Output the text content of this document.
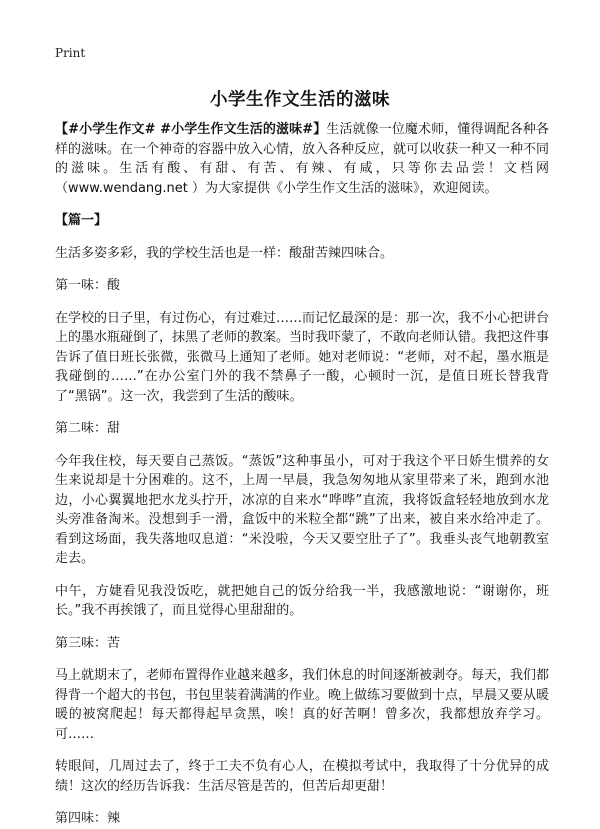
Print
小学生作文生活的滋味

【#小学生作文# #小学生作文生活的滋味#】生活就像一位魔术师，懂得调配各种各样的滋味。在一个神奇的容器中放入心情，放入各种反应，就可以收获一种又一种不同的滋味。生活有酸、有甜、有苦、有辣、有咸，只等你去品尝！文档网（www.wendang.net ）为大家提供《小学生作文生活的滋味》，欢迎阅读。

【篇一】

生活多姿多彩，我的学校生活也是一样：酸甜苦辣四味合。

第一味：酸

在学校的日子里，有过伤心，有过难过……而记忆最深的是：那一次，我不小心把讲台上的墨水瓶碰倒了，抹黑了老师的教案。当时我吓蒙了，不敢向老师认错。我把这件事告诉了值日班长张微，张微马上通知了老师。她对老师说：“老师，对不起，墨水瓶是我碰倒的……”在办公室门外的我不禁鼻子一酸，心顿时一沉，是值日班长替我背了“黑锅”。这一次，我尝到了生活的酸味。

第二味：甜

今年我住校，每天要自己蒸饭。“蒸饭”这种事虽小，可对于我这个平日娇生惯养的女生来说却是十分困难的。这不，上周一早晨，我急匆匆地从家里带来了米，跑到水池边，小心翼翼地把水龙头拧开，冰凉的自来水“哗哗”直流，我将饭盒轻轻地放到水龙头旁准备淘米。没想到手一滑，盒饭中的米粒全都“跳”了出来，被自来水给冲走了。看到这场面，我失落地叹息道：“米没啦，今天又要空肚子了”。我垂头丧气地朝教室走去。

中午，方婕看见我没饭吃，就把她自己的饭分给我一半，我感激地说：“谢谢你，班长。”我不再挨饿了，而且觉得心里甜甜的。

第三味：苦

马上就期末了，老师布置得作业越来越多，我们休息的时间逐渐被剥夺。每天，我们都得背一个超大的书包，书包里装着满满的作业。晚上做练习要做到十点，早晨又要从暖暖的被窝爬起！每天都得起早贪黑，唉！真的好苦啊！曾多次，我都想放弃学习。可……

转眼间，几周过去了，终于工夫不负有心人，在模拟考试中，我取得了十分优异的成绩！这次的经历告诉我：生活尽管是苦的，但苦后却更甜！

第四味：辣
